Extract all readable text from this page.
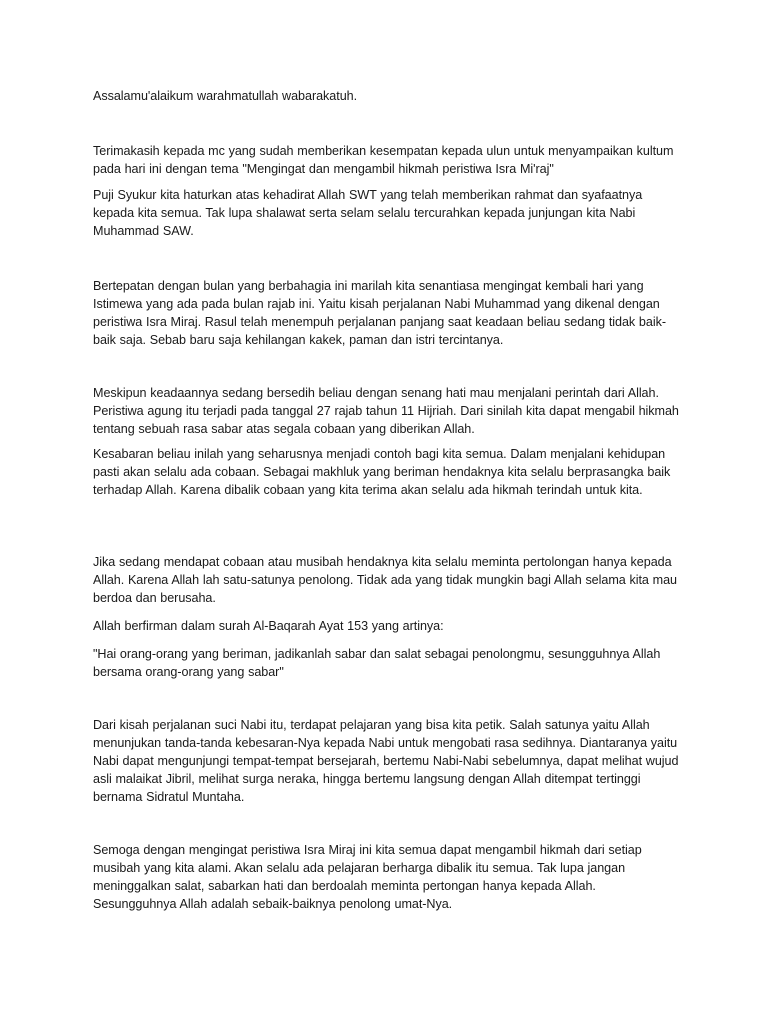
Assalamu'alaikum warahmatullah wabarakatuh.

Terimakasih kepada mc yang sudah memberikan kesempatan kepada ulun untuk menyampaikan kultum pada hari ini dengan tema "Mengingat dan mengambil hikmah peristiwa Isra Mi'raj"

Puji Syukur kita haturkan atas kehadirat Allah SWT yang telah memberikan rahmat dan syafaatnya kepada kita semua. Tak lupa shalawat serta selam selalu tercurahkan kepada junjungan kita Nabi Muhammad SAW.

Bertepatan dengan bulan yang berbahagia ini marilah kita senantiasa mengingat kembali hari yang Istimewa yang ada pada bulan rajab ini. Yaitu kisah perjalanan Nabi Muhammad yang dikenal dengan peristiwa Isra Miraj. Rasul telah menempuh perjalanan panjang saat keadaan beliau sedang tidak baik-baik saja. Sebab baru saja kehilangan kakek, paman dan istri tercintanya.

Meskipun keadaannya sedang bersedih beliau dengan senang hati mau menjalani perintah dari Allah. Peristiwa agung itu terjadi pada tanggal 27 rajab tahun 11 Hijriah. Dari sinilah kita dapat mengabil hikmah tentang sebuah rasa sabar atas segala cobaan yang diberikan Allah.

Kesabaran beliau inilah yang seharusnya menjadi contoh bagi kita semua. Dalam menjalani kehidupan pasti akan selalu ada cobaan. Sebagai makhluk yang beriman hendaknya kita selalu berprasangka baik terhadap Allah. Karena dibalik cobaan yang kita terima akan selalu ada hikmah terindah untuk kita.

Jika sedang mendapat cobaan atau musibah hendaknya kita selalu meminta pertolongan hanya kepada Allah. Karena Allah lah satu-satunya penolong. Tidak ada yang tidak mungkin bagi Allah selama kita mau berdoa dan berusaha.

Allah berfirman dalam surah Al-Baqarah Ayat 153 yang artinya:

"Hai orang-orang yang beriman, jadikanlah sabar dan salat sebagai penolongmu, sesungguhnya Allah bersama orang-orang yang sabar"

Dari kisah perjalanan suci Nabi itu, terdapat pelajaran yang bisa kita petik. Salah satunya yaitu Allah menunjukan tanda-tanda kebesaran-Nya kepada Nabi untuk mengobati rasa sedihnya. Diantaranya yaitu Nabi dapat mengunjungi tempat-tempat bersejarah, bertemu Nabi-Nabi sebelumnya, dapat melihat wujud asli malaikat Jibril, melihat surga neraka, hingga bertemu langsung dengan Allah ditempat tertinggi bernama Sidratul Muntaha.

Semoga dengan mengingat peristiwa Isra Miraj ini kita semua dapat mengambil hikmah dari setiap musibah yang kita alami. Akan selalu ada pelajaran berharga dibalik itu semua. Tak lupa jangan meninggalkan salat, sabarkan hati dan berdoalah meminta pertongan hanya kepada Allah. Sesungguhnya Allah adalah sebaik-baiknya penolong umat-Nya.
